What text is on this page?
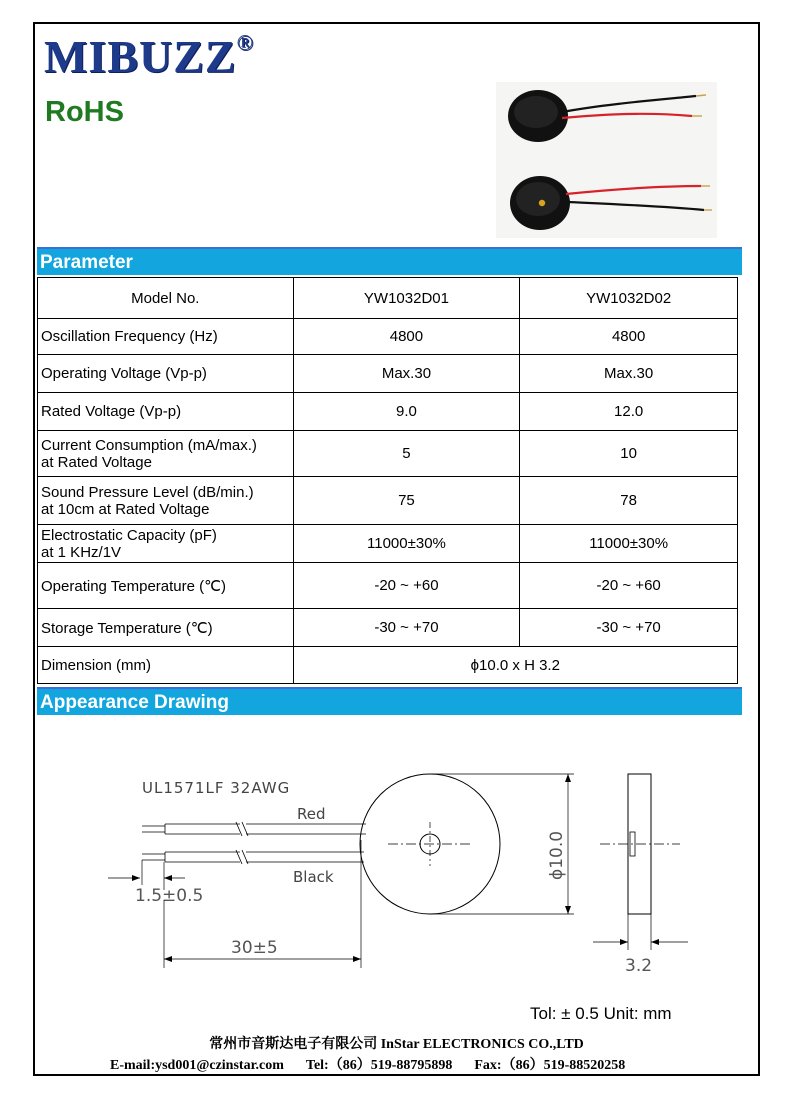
MIBUZZ®
RoHS
Parameter
Model No.	YW1032D01	YW1032D02

Oscillation Frequency (Hz)	4800	4800

Operating Voltage (Vp-p)	Max.30	Max.30

Rated Voltage (Vp-p)	9.0	12.0

Current Consumption (mA/max.)
at Rated Voltage	5	10

Sound Pressure Level (dB/min.)
at 10cm at Rated Voltage	75	78

Electrostatic Capacity (pF)
at 1 KHz/1V	11000±30%	11000±30%

Operating Temperature (℃)	-20 ~ +60	-20 ~ +60

Storage Temperature (℃)	-30 ~ +70	-30 ~ +70
Dimension (mm)	ϕ10.0 x H 3.2	
Appearance Drawing
UL1571LF 32AWG
Red
Black
1.5±0.5
30±5
ϕ10.0
3.2
Tol: ± 0.5 Unit: mm
常州市音斯达电子有限公司 InStar ELECTRONICS CO.,LTD
E-mail:ysd001@czinstar.com Tel:（86）519-88795898 Fax:（86）519-88520258
